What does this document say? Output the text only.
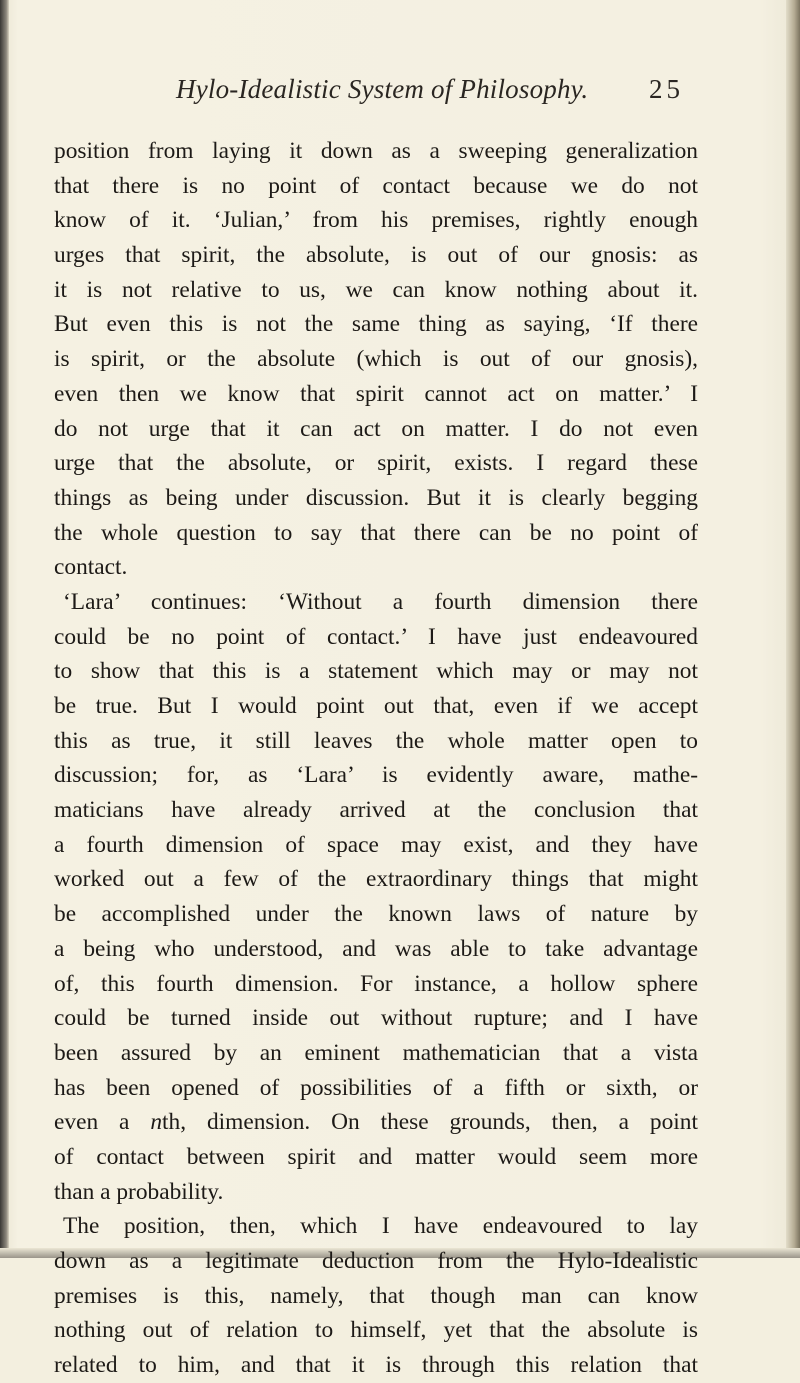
Hylo-Idealistic System of Philosophy. 25
position from laying it down as a sweeping generalization
that there is no point of contact because we do not
know of it. ‘Julian,’ from his premises, rightly enough
urges that spirit, the absolute, is out of our gnosis: as
it is not relative to us, we can know nothing about it.
But even this is not the same thing as saying, ‘If there
is spirit, or the absolute (which is out of our gnosis),
even then we know that spirit cannot act on matter.’ I
do not urge that it can act on matter. I do not even
urge that the absolute, or spirit, exists. I regard these
things as being under discussion. But it is clearly begging
the whole question to say that there can be no point of
contact.
‘Lara’ continues: ‘Without a fourth dimension there
could be no point of contact.’ I have just endeavoured
to show that this is a statement which may or may not
be true. But I would point out that, even if we accept
this as true, it still leaves the whole matter open to
discussion; for, as ‘Lara’ is evidently aware, mathe-
maticians have already arrived at the conclusion that
a fourth dimension of space may exist, and they have
worked out a few of the extraordinary things that might
be accomplished under the known laws of nature by
a being who understood, and was able to take advantage
of, this fourth dimension. For instance, a hollow sphere
could be turned inside out without rupture; and I have
been assured by an eminent mathematician that a vista
has been opened of possibilities of a fifth or sixth, or
even a nth, dimension. On these grounds, then, a point
of contact between spirit and matter would seem more
than a probability.
The position, then, which I have endeavoured to lay
down as a legitimate deduction from the Hylo-Idealistic
premises is this, namely, that though man can know
nothing out of relation to himself, yet that the absolute is
related to him, and that it is through this relation that
